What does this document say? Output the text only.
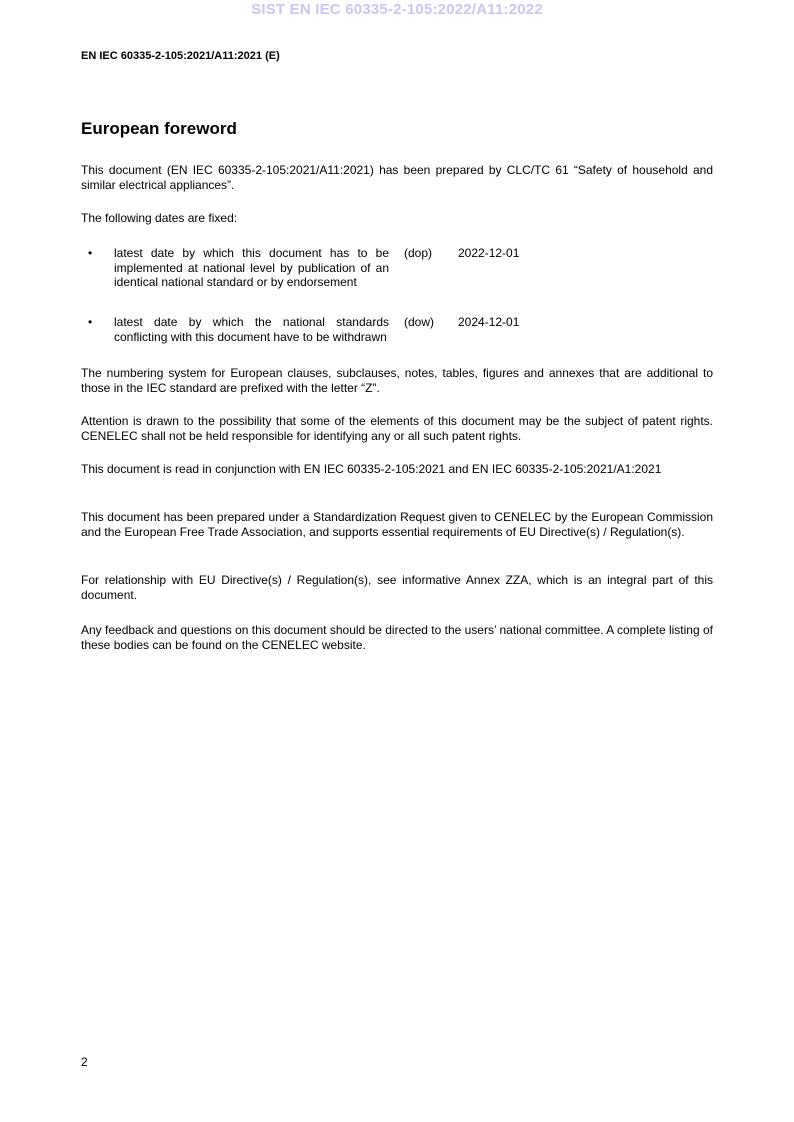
SIST EN IEC 60335-2-105:2022/A11:2022
EN IEC 60335-2-105:2021/A11:2021 (E)
European foreword

This document (EN IEC 60335-2-105:2021/A11:2021) has been prepared by CLC/TC 61 “Safety of household and similar electrical appliances”.

The following dates are fixed:

• latest date by which this document has to be implemented at national level by publication of an identical national standard or by endorsement
(dop) 2022-12-01
• latest date by which the national standards conflicting with this document have to be withdrawn
(dow) 2024-12-01

The numbering system for European clauses, subclauses, notes, tables, figures and annexes that are additional to those in the IEC standard are prefixed with the letter “Z”.

Attention is drawn to the possibility that some of the elements of this document may be the subject of patent rights. CENELEC shall not be held responsible for identifying any or all such patent rights.

This document is read in conjunction with EN IEC 60335-2-105:2021 and EN IEC 60335-2-105:2021/A1:2021

This document has been prepared under a Standardization Request given to CENELEC by the European Commission and the European Free Trade Association, and supports essential requirements of EU Directive(s) / Regulation(s).

For relationship with EU Directive(s) / Regulation(s), see informative Annex ZZA, which is an integral part of this document.

Any feedback and questions on this document should be directed to the users’ national committee. A complete listing of these bodies can be found on the CENELEC website.

2
